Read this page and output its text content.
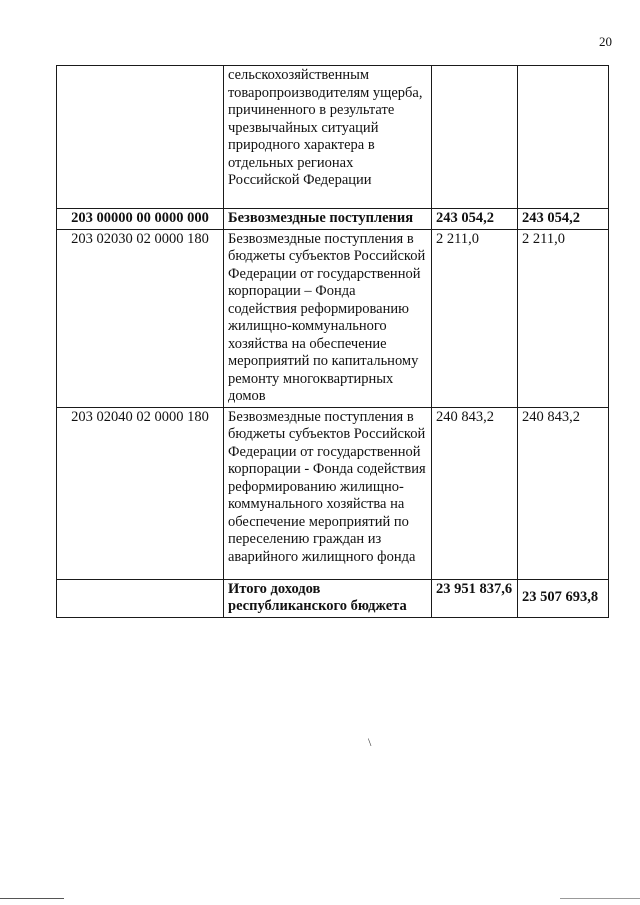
20
	сельскохозяйственным товаропроизводителям ущерба, причиненного в результате чрезвычайных ситуаций природного характера в отдельных регионах Российской Федерации		
203 00000 00 0000 000	Безвозмездные поступления	243 054,2	243 054,2
203 02030 02 0000 180	Безвозмездные поступления в бюджеты субъектов Российской Федерации от государственной корпорации – Фонда содействия реформированию жилищно-коммунального хозяйства на обеспечение мероприятий по капитальному ремонту многоквартирных домов	2 211,0	2 211,0
203 02040 02 0000 180	Безвозмездные поступления в бюджеты субъектов Российской Федерации от государственной корпорации - Фонда содействия реформированию жилищно-коммунального хозяйства на обеспечение мероприятий по переселению граждан из аварийного жилищного фонда	240 843,2	240 843,2
	Итого доходов республиканского бюджета	23 951 837,6	23 507 693,8
\
